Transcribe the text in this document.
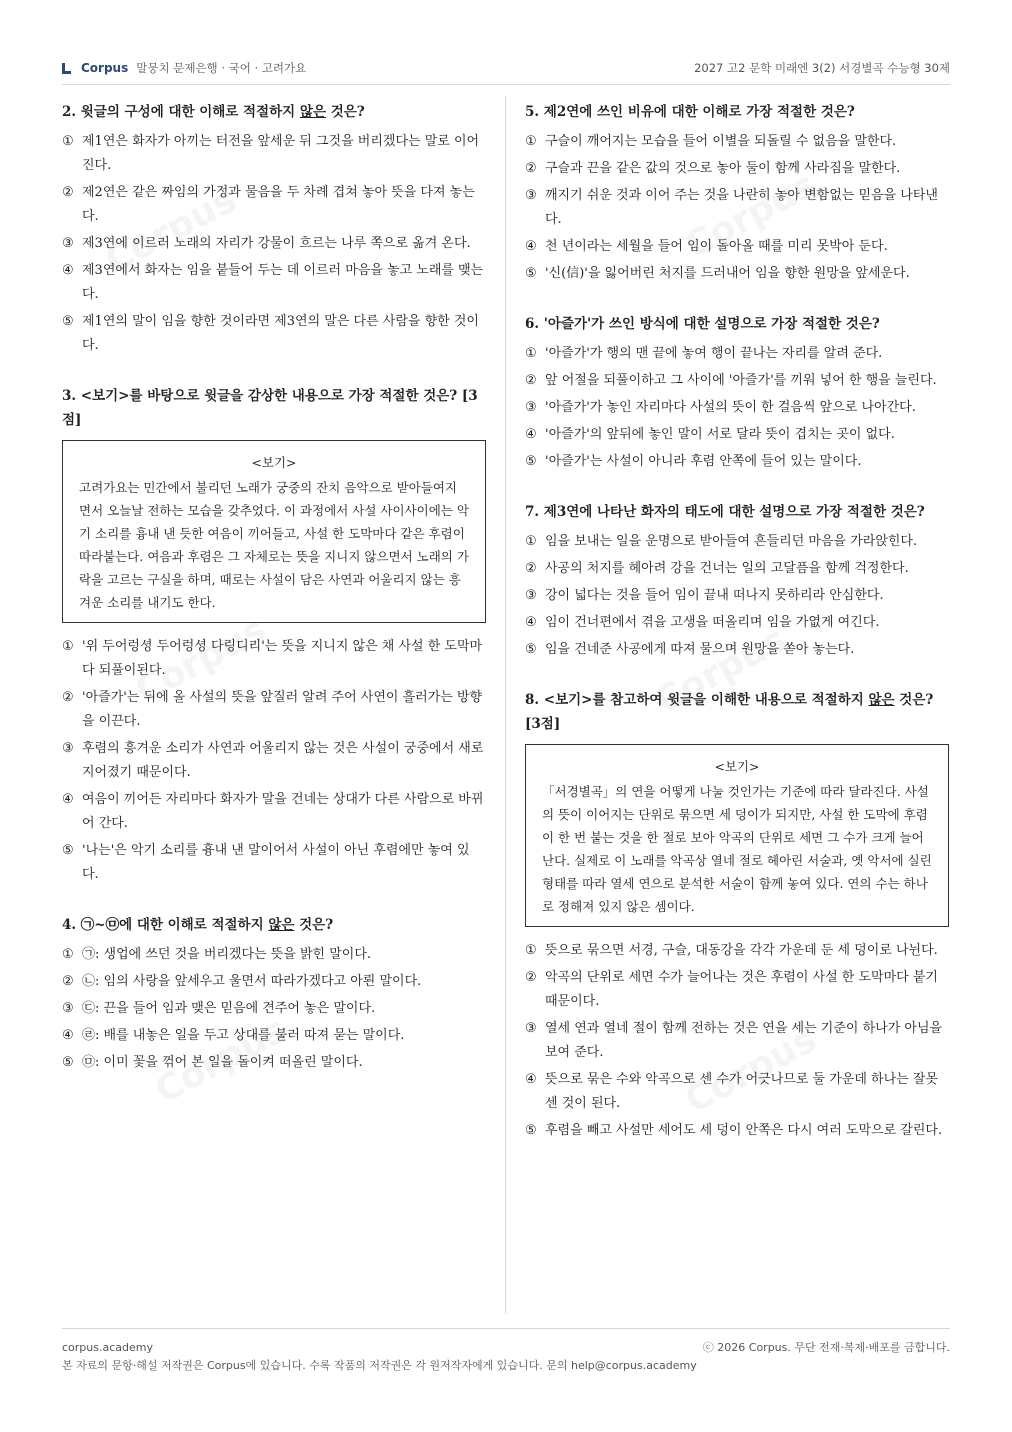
Corpus 말뭉치 문제은행 · 국어 · 고려가요	2027 고2 문학 미래엔 3(2) 서경별곡 수능형 30제
2. 윗글의 구성에 대한 이해로 적절하지 않은 것은?
① 제1연은 화자가 아끼는 터전을 앞세운 뒤 그것을 버리겠다는 말로 이어진다.
② 제2연은 같은 짜임의 가정과 물음을 두 차례 겹쳐 놓아 뜻을 다져 놓는다.
③ 제3연에 이르러 노래의 자리가 강물이 흐르는 나루 쪽으로 옮겨 온다.
④ 제3연에서 화자는 임을 붙들어 두는 데 이르러 마음을 놓고 노래를 맺는다.
⑤ 제1연의 말이 임을 향한 것이라면 제3연의 말은 다른 사람을 향한 것이다.
3. <보기>를 바탕으로 윗글을 감상한 내용으로 가장 적절한 것은? [3점]
<보기>
고려가요는 민간에서 불리던 노래가 궁중의 잔치 음악으로 받아들여지면서 오늘날 전하는 모습을 갖추었다. 이 과정에서 사설 사이사이에는 악기 소리를 흉내 낸 듯한 여음이 끼어들고, 사설 한 도막마다 같은 후렴이 따라붙는다. 여음과 후렴은 그 자체로는 뜻을 지니지 않으면서 노래의 가락을 고르는 구실을 하며, 때로는 사설이 담은 사연과 어울리지 않는 흥겨운 소리를 내기도 한다.
① '위 두어렁셩 두어렁셩 다링디리'는 뜻을 지니지 않은 채 사설 한 도막마다 되풀이된다.
② '아즐가'는 뒤에 올 사설의 뜻을 앞질러 알려 주어 사연이 흘러가는 방향을 이끈다.
③ 후렴의 흥겨운 소리가 사연과 어울리지 않는 것은 사설이 궁중에서 새로 지어졌기 때문이다.
④ 여음이 끼어든 자리마다 화자가 말을 건네는 상대가 다른 사람으로 바뀌어 간다.
⑤ '나는'은 악기 소리를 흉내 낸 말이어서 사설이 아닌 후렴에만 놓여 있다.
4. ㉠~㉤에 대한 이해로 적절하지 않은 것은?
① ㉠: 생업에 쓰던 것을 버리겠다는 뜻을 밝힌 말이다.
② ㉡: 임의 사랑을 앞세우고 울면서 따라가겠다고 아뢴 말이다.
③ ㉢: 끈을 들어 임과 맺은 믿음에 견주어 놓은 말이다.
④ ㉣: 배를 내놓은 일을 두고 상대를 불러 따져 묻는 말이다.
⑤ ㉤: 이미 꽃을 꺾어 본 일을 돌이켜 떠올린 말이다.
5. 제2연에 쓰인 비유에 대한 이해로 가장 적절한 것은?
① 구슬이 깨어지는 모습을 들어 이별을 되돌릴 수 없음을 말한다.
② 구슬과 끈을 같은 값의 것으로 놓아 둘이 함께 사라짐을 말한다.
③ 깨지기 쉬운 것과 이어 주는 것을 나란히 놓아 변함없는 믿음을 나타낸다.
④ 천 년이라는 세월을 들어 임이 돌아올 때를 미리 못박아 둔다.
⑤ '신(信)'을 잃어버린 처지를 드러내어 임을 향한 원망을 앞세운다.
6. '아즐가'가 쓰인 방식에 대한 설명으로 가장 적절한 것은?
① '아즐가'가 행의 맨 끝에 놓여 행이 끝나는 자리를 알려 준다.
② 앞 어절을 되풀이하고 그 사이에 '아즐가'를 끼워 넣어 한 행을 늘린다.
③ '아즐가'가 놓인 자리마다 사설의 뜻이 한 걸음씩 앞으로 나아간다.
④ '아즐가'의 앞뒤에 놓인 말이 서로 달라 뜻이 겹치는 곳이 없다.
⑤ '아즐가'는 사설이 아니라 후렴 안쪽에 들어 있는 말이다.
7. 제3연에 나타난 화자의 태도에 대한 설명으로 가장 적절한 것은?
① 임을 보내는 일을 운명으로 받아들여 흔들리던 마음을 가라앉힌다.
② 사공의 처지를 헤아려 강을 건너는 일의 고달픔을 함께 걱정한다.
③ 강이 넓다는 것을 들어 임이 끝내 떠나지 못하리라 안심한다.
④ 임이 건너편에서 겪을 고생을 떠올리며 임을 가엾게 여긴다.
⑤ 임을 건네준 사공에게 따져 물으며 원망을 쏟아 놓는다.
8. <보기>를 참고하여 윗글을 이해한 내용으로 적절하지 않은 것은? [3점]
<보기>
「서경별곡」의 연을 어떻게 나눌 것인가는 기준에 따라 달라진다. 사설의 뜻이 이어지는 단위로 묶으면 세 덩이가 되지만, 사설 한 도막에 후렴이 한 번 붙는 것을 한 절로 보아 악곡의 단위로 세면 그 수가 크게 늘어난다. 실제로 이 노래를 악곡상 열네 절로 헤아린 서술과, 옛 악서에 실린 형태를 따라 열세 연으로 분석한 서술이 함께 놓여 있다. 연의 수는 하나로 정해져 있지 않은 셈이다.
① 뜻으로 묶으면 서경, 구슬, 대동강을 각각 가운데 둔 세 덩이로 나뉜다.
② 악곡의 단위로 세면 수가 늘어나는 것은 후렴이 사설 한 도막마다 붙기 때문이다.
③ 열세 연과 열네 절이 함께 전하는 것은 연을 세는 기준이 하나가 아님을 보여 준다.
④ 뜻으로 묶은 수와 악곡으로 센 수가 어긋나므로 둘 가운데 하나는 잘못 센 것이 된다.
⑤ 후렴을 빼고 사설만 세어도 세 덩이 안쪽은 다시 여러 도막으로 갈린다.
corpus.academy	ⓒ 2026 Corpus. 무단 전재·복제·배포를 금합니다.
본 자료의 문항·해설 저작권은 Corpus에 있습니다. 수록 작품의 저작권은 각 원저작자에게 있습니다. 문의 help@corpus.academy
